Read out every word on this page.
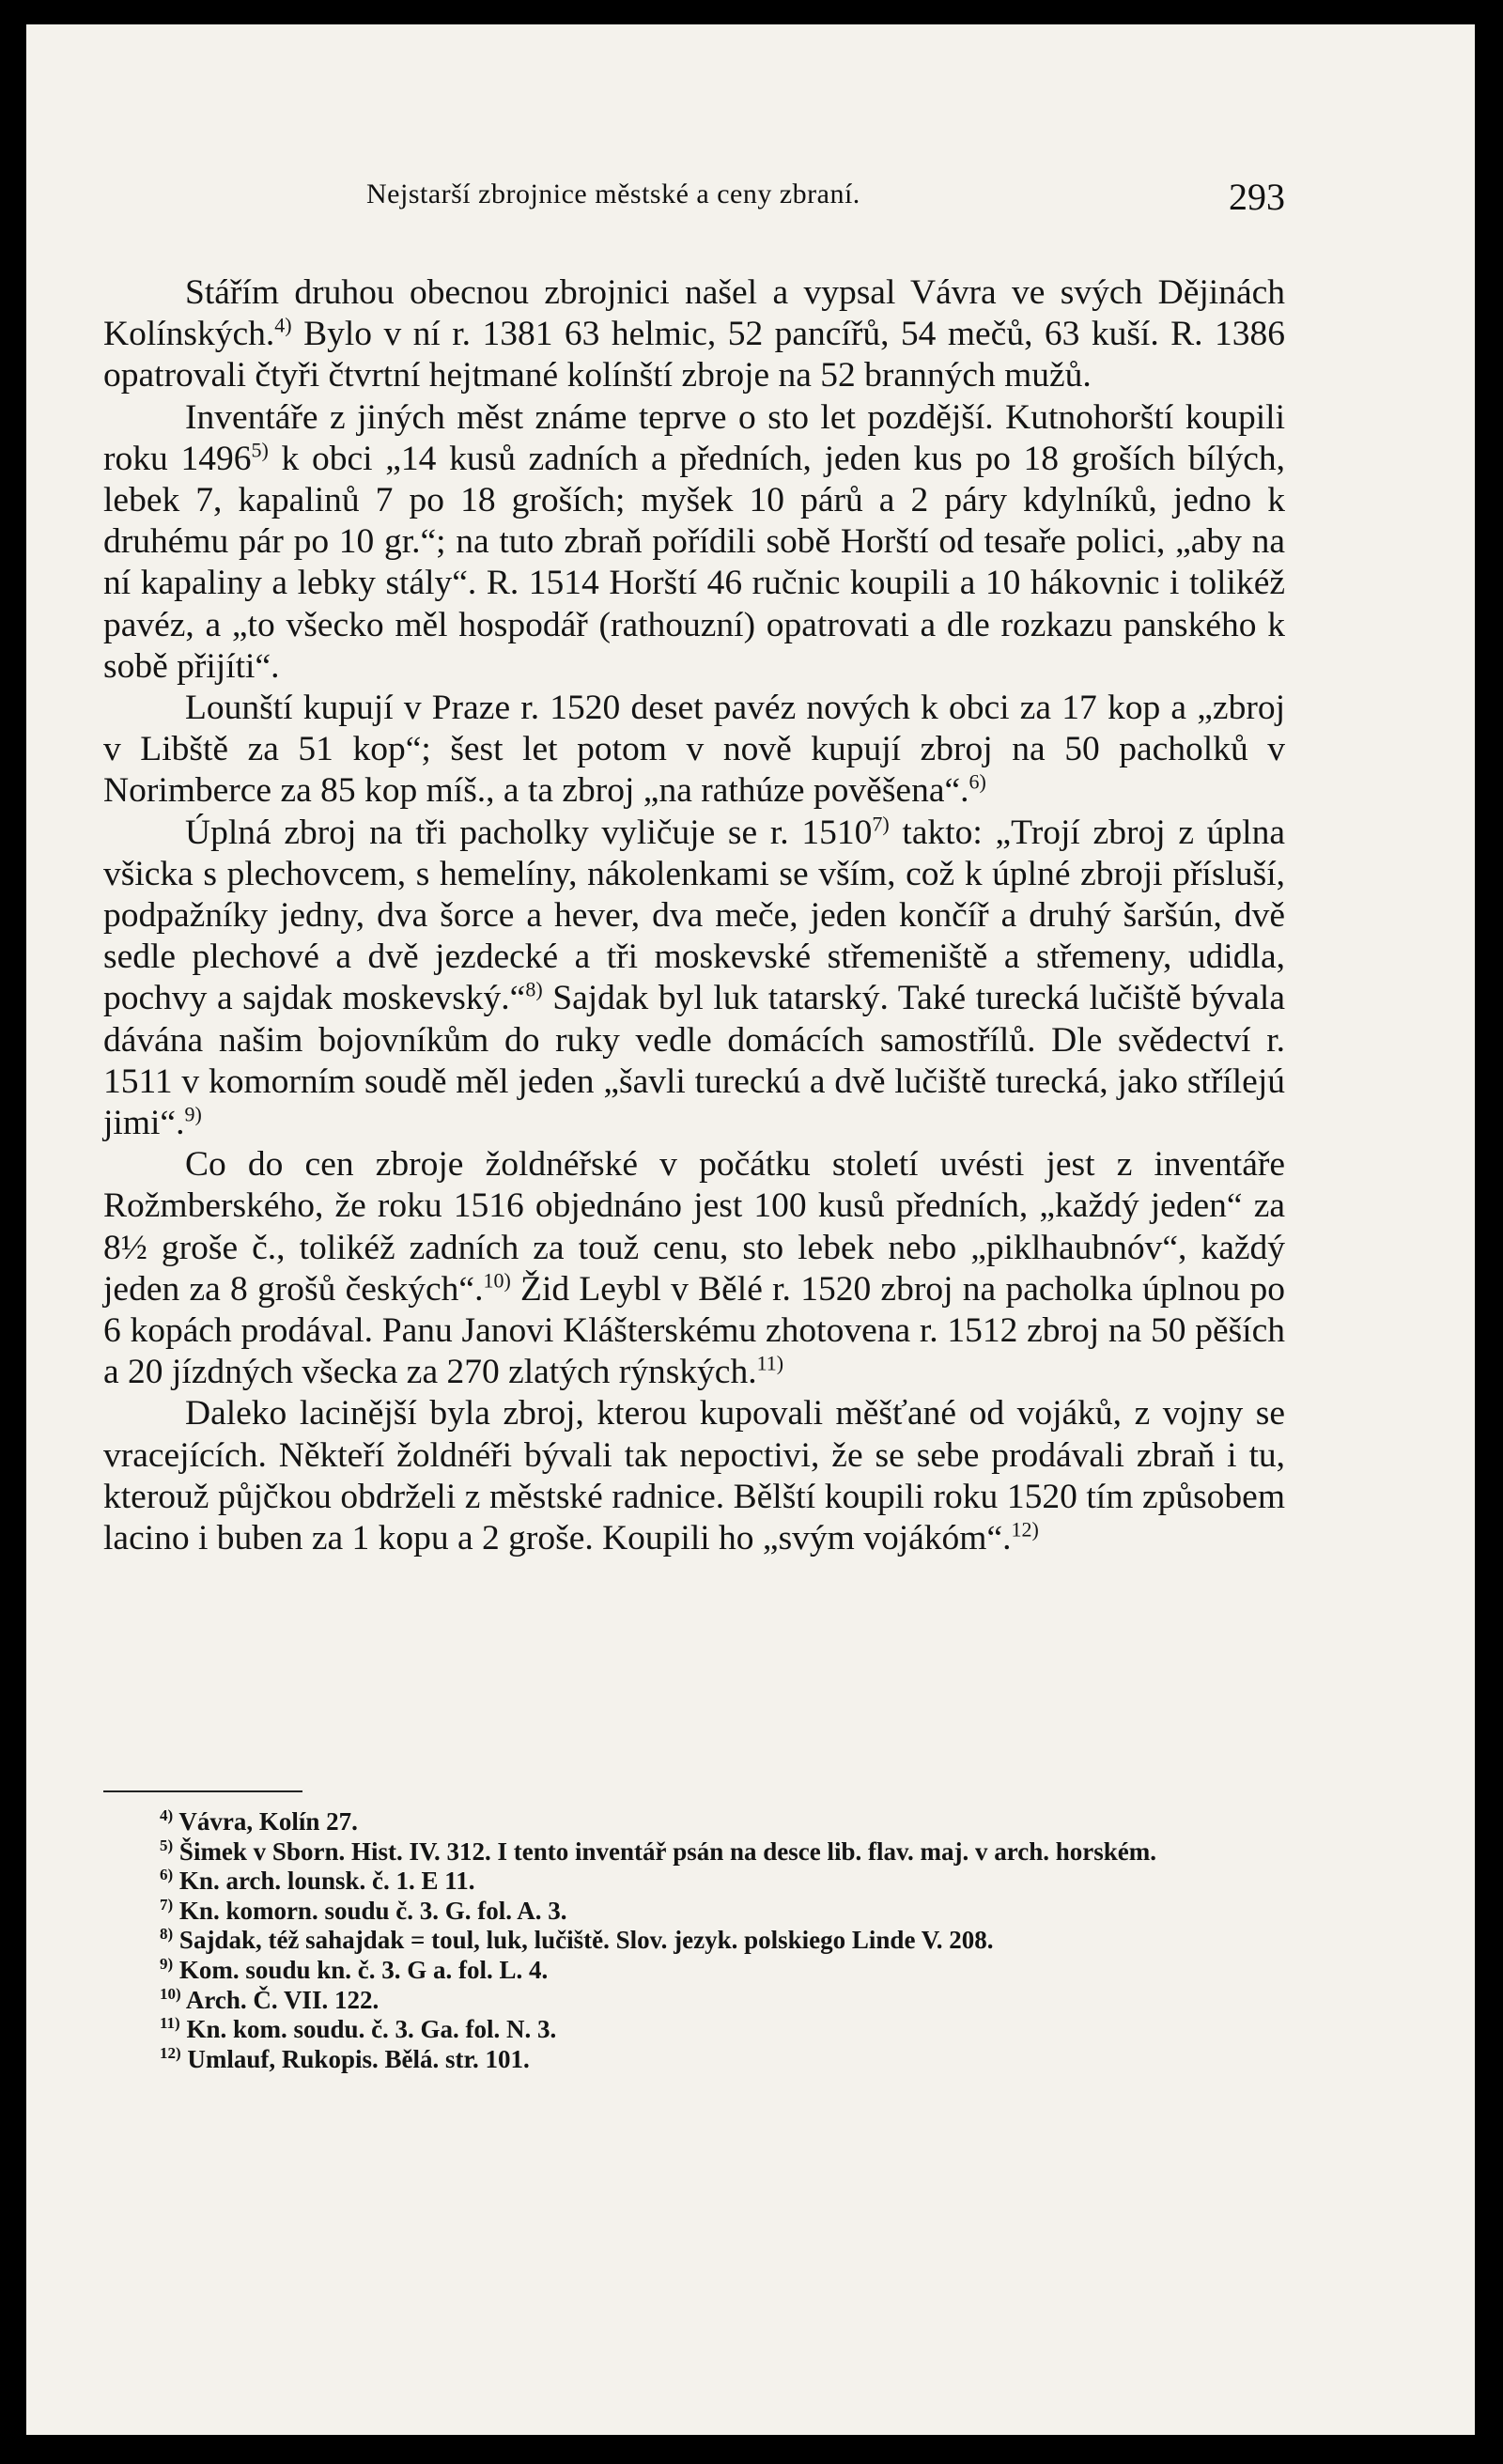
Nejstarší zbrojnice městské a ceny zbraní.	293

Stářím druhou obecnou zbrojnici našel a vypsal Vávra ve svých Dějinách Kolínských.$^{4)}$ Bylo v ní r. 1381 63 helmic, 52 pancířů, 54 mečů, 63 kuší. R. 1386 opatrovali čtyři čtvrtní hejtmané kolínští zbroje na 52 branných mužů.

Inventáře z jiných měst známe teprve o sto let pozdější. Kutnohorští koupili roku 1496$^{5)}$ k obci „14 kusů zadních a předních, jeden kus po 18 groších bílých, lebek 7, kapalinů 7 po 18 groších; myšek 10 párů a 2 páry kdylníků, jedno k druhému pár po 10 gr.“; na tuto zbraň pořídili sobě Horští od tesaře polici, „aby na ní kapaliny a lebky stály“. R. 1514 Horští 46 ručnic koupili a 10 hákovnic i tolikéž pavéz, a „to všecko měl hospodář (rathouzní) opatrovati a dle rozkazu panského k sobě přijíti“.

Lounští kupují v Praze r. 1520 deset pavéz nových k obci za 17 kop a „zbroj v Libště za 51 kop“; šest let potom v nově kupují zbroj na 50 pacholků v Norimberce za 85 kop míš., a ta zbroj „na rathúze pověšena“.$^{6)}$

Úplná zbroj na tři pacholky vyličuje se r. 1510$^{7)}$ takto: „Trojí zbroj z úplna všicka s plechovcem, s hemelíny, nákolenkami se vším, což k úplné zbroji přísluší, podpažníky jedny, dva šorce a hever, dva meče, jeden končíř a druhý šaršún, dvě sedle plechové a dvě jezdecké a tři moskevské střemeniště a střemeny, udidla, pochvy a sajdak moskevský.“$^{8)}$ Sajdak byl luk tatarský. Také turecká lučiště bývala dávána našim bojovníkům do ruky vedle domácích samostřílů. Dle svědectví r. 1511 v komorním soudě měl jeden „šavli tureckú a dvě lučiště turecká, jako střílejú jimi“.$^{9)}$

Co do cen zbroje žoldnéřské v počátku století uvésti jest z inventáře Rožmberského, že roku 1516 objednáno jest 100 kusů předních, „každý jeden“ za 8½ groše č., tolikéž zadních za touž cenu, sto lebek nebo „piklhaubnóv“, každý jeden za 8 grošů českých“.$^{10)}$ Žid Leybl v Bělé r. 1520 zbroj na pacholka úplnou po 6 kopách prodával. Panu Janovi Klášterskému zhotovena r. 1512 zbroj na 50 pěších a 20 jízdných všecka za 270 zlatých rýnských.$^{11)}$

Daleko lacinější byla zbroj, kterou kupovali měšťané od vojáků, z vojny se vracejících. Někteří žoldnéři bývali tak nepoctivi, že se sebe prodávali zbraň i tu, kterouž půjčkou obdrželi z městské radnice. Bělští koupili roku 1520 tím způsobem lacino i buben za 1 kopu a 2 groše. Koupili ho „svým vojákóm“.$^{12)}$

$^{4)}$ Vávra, Kolín 27.
$^{5)}$ Šimek v Sborn. Hist. IV. 312. I tento inventář psán na desce lib. flav. maj. v arch. horském.
$^{6)}$ Kn. arch. lounsk. č. 1. E 11.
$^{7)}$ Kn. komorn. soudu č. 3. G. fol. A. 3.
$^{8)}$ Sajdak, též sahajdak = toul, luk, lučiště. Slov. jezyk. polskiego Linde V. 208.
$^{9)}$ Kom. soudu kn. č. 3. G a. fol. L. 4.
$^{10)}$ Arch. Č. VII. 122.
$^{11)}$ Kn. kom. soudu. č. 3. Ga. fol. N. 3.
$^{12)}$ Umlauf, Rukopis. Bělá. str. 101.
